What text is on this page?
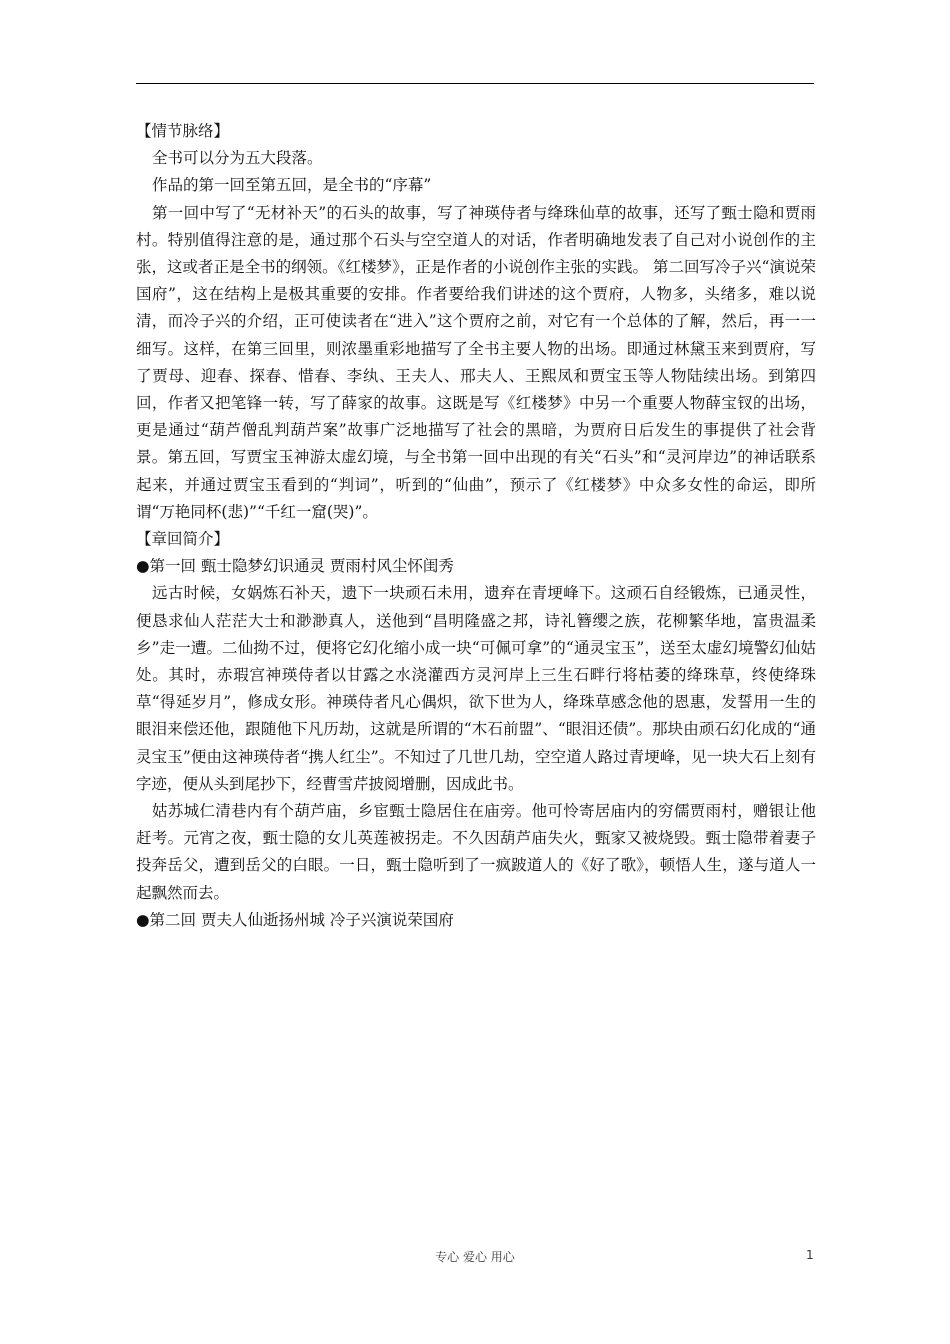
【情节脉络】

全书可以分为五大段落。

作品的第一回至第五回，是全书的“序幕”

第一回中写了“无材补天”的石头的故事，写了神瑛侍者与绛珠仙草的故事，还写了甄士隐和贾雨村。特别值得注意的是，通过那个石头与空空道人的对话，作者明确地发表了自己对小说创作的主张，这或者正是全书的纲领。《红楼梦》，正是作者的小说创作主张的实践。 第二回写冷子兴“演说荣国府”，这在结构上是极其重要的安排。作者要给我们讲述的这个贾府，人物多，头绪多，难以说清，而冷子兴的介绍，正可使读者在“进入”这个贾府之前，对它有一个总体的了解，然后，再一一细写。这样，在第三回里，则浓墨重彩地描写了全书主要人物的出场。即通过林黛玉来到贾府，写了贾母、迎春、探春、惜春、李纨、王夫人、邢夫人、王熙凤和贾宝玉等人物陆续出场。到第四回，作者又把笔锋一转，写了薛家的故事。这既是写《红楼梦》中另一个重要人物薛宝钗的出场，更是通过“葫芦僧乱判葫芦案”故事广泛地描写了社会的黑暗，为贾府日后发生的事提供了社会背景。第五回，写贾宝玉神游太虚幻境，与全书第一回中出现的有关“石头”和“灵河岸边”的神话联系起来，并通过贾宝玉看到的“判词”，听到的“仙曲”，预示了《红楼梦》中众多女性的命运，即所谓“万艳同杯(悲)”“千红一窟(哭)”。

【章回简介】

●第一回 甄士隐梦幻识通灵 贾雨村风尘怀闺秀

远古时候，女娲炼石补天，遗下一块顽石未用，遗弃在青埂峰下。这顽石自经锻炼，已通灵性，便恳求仙人茫茫大士和渺渺真人，送他到“昌明隆盛之邦，诗礼簪缨之族，花柳繁华地，富贵温柔乡”走一遭。二仙拗不过，便将它幻化缩小成一块“可佩可拿”的“通灵宝玉”，送至太虚幻境警幻仙姑处。其时，赤瑕宫神瑛侍者以甘露之水浇灌西方灵河岸上三生石畔行将枯萎的绛珠草，终使绛珠草“得延岁月”，修成女形。神瑛侍者凡心偶炽，欲下世为人，绛珠草感念他的恩惠，发誓用一生的眼泪来偿还他，跟随他下凡历劫，这就是所谓的“木石前盟”、“眼泪还债”。那块由顽石幻化成的“通灵宝玉”便由这神瑛侍者“携人红尘”。不知过了几世几劫，空空道人路过青埂峰，见一块大石上刻有字迹，便从头到尾抄下，经曹雪芹披阅增删，因成此书。

姑苏城仁清巷内有个葫芦庙，乡宦甄士隐居住在庙旁。他可怜寄居庙内的穷儒贾雨村，赠银让他赶考。元宵之夜，甄士隐的女儿英莲被拐走。不久因葫芦庙失火，甄家又被烧毁。甄士隐带着妻子投奔岳父，遭到岳父的白眼。一日，甄士隐听到了一疯跛道人的《好了歌》，顿悟人生，遂与道人一起飘然而去。

●第二回 贾夫人仙逝扬州城 冷子兴演说荣国府

专心 爱心 用心	1
